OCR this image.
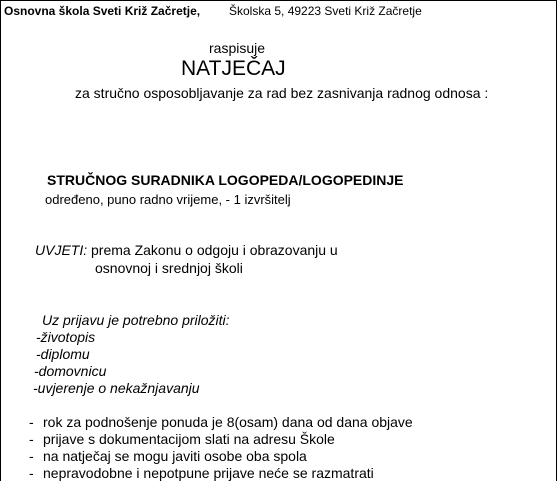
Osnovna škola Sveti Križ Začretje, Školska 5, 49223 Sveti Križ Začretje
raspisuje
NATJEČAJ
za stručno osposobljavanje za rad bez zasnivanja radnog odnosa :
STRUČNOG SURADNIKA LOGOPEDA/LOGOPEDINJE
određeno, puno radno vrijeme, - 1 izvršitelj
UVJETI: prema Zakonu o odgoju i obrazovanju u
osnovnoj i srednjoj školi
Uz prijavu je potrebno priložiti:
-životopis
-diplomu
-domovnicu
-uvjerenje o nekažnjavanju
- rok za podnošenje ponuda je 8(osam) dana od dana objave
- prijave s dokumentacijom slati na adresu Škole
- na natječaj se mogu javiti osobe oba spola
- nepravodobne i nepotpune prijave neće se razmatrati
